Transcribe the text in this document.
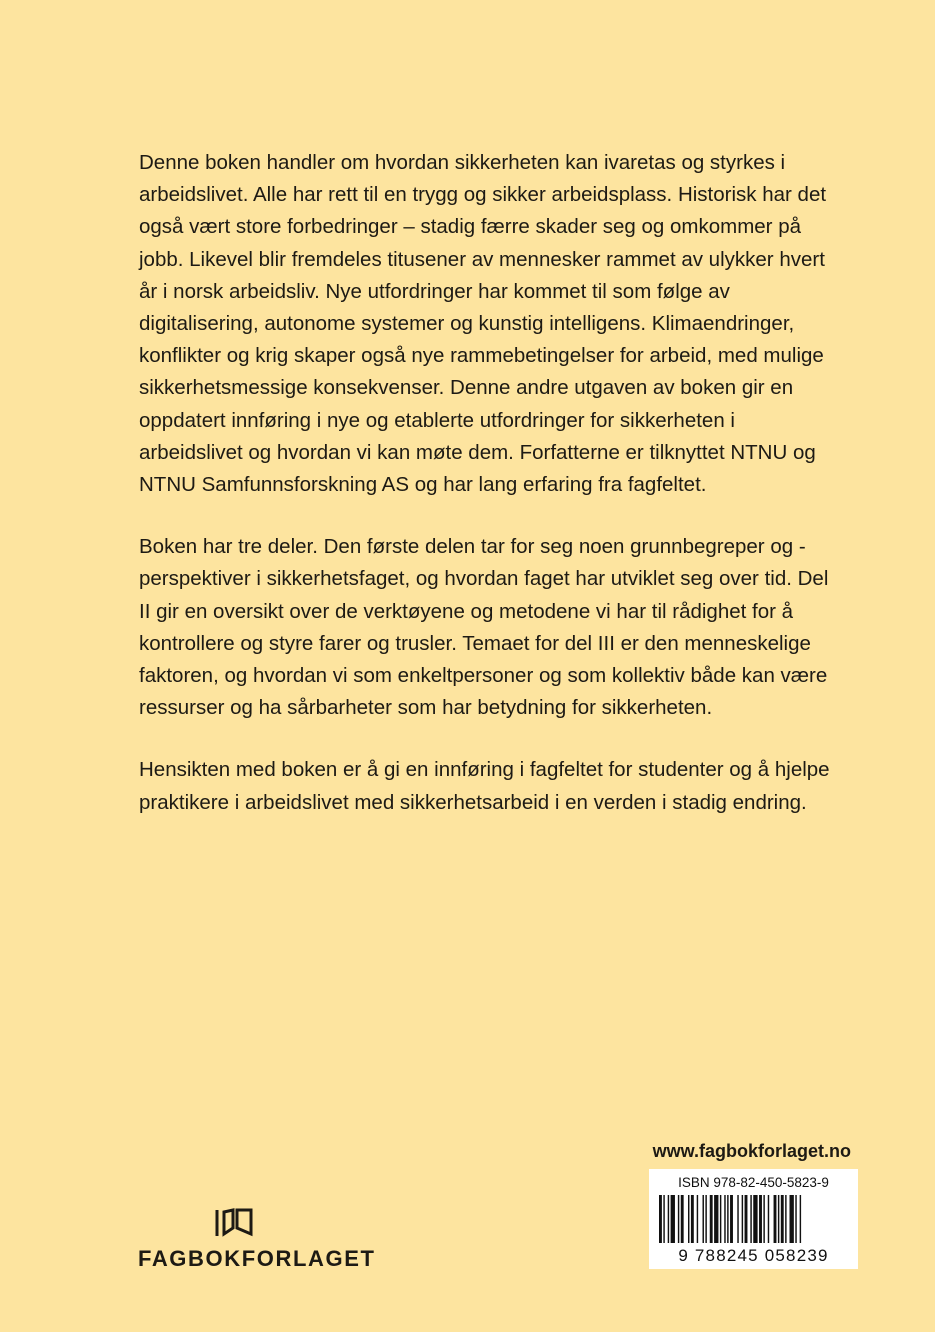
Denne boken handler om hvordan sikkerheten kan ivaretas og styrkes i arbeidslivet. Alle har rett til en trygg og sikker arbeidsplass. Historisk har det også vært store forbedringer – stadig færre skader seg og omkommer på jobb. Likevel blir fremdeles titusener av mennesker rammet av ulykker hvert år i norsk arbeidsliv. Nye utfordringer har kommet til som følge av digitalisering, autonome systemer og kunstig intelligens. Klimaendringer, konflikter og krig skaper også nye rammebetingelser for arbeid, med mulige sikkerhetsmessige konsekvenser. Denne andre utgaven av boken gir en oppdatert innføring i nye og etablerte utfordringer for sikkerheten i arbeidslivet og hvordan vi kan møte dem. Forfatterne er tilknyttet NTNU og NTNU Samfunnsforskning AS og har lang erfaring fra fagfeltet.

Boken har tre deler. Den første delen tar for seg noen grunnbegreper og -perspektiver i sikkerhetsfaget, og hvordan faget har utviklet seg over tid. Del II gir en oversikt over de verktøyene og metodene vi har til rådighet for å kontrollere og styre farer og trusler. Temaet for del III er den menneskelige faktoren, og hvordan vi som enkeltpersoner og som kollektiv både kan være ressurser og ha sårbarheter som har betydning for sikkerheten.

Hensikten med boken er å gi en innføring i fagfeltet for studenter og å hjelpe praktikere i arbeidslivet med sikkerhetsarbeid i en verden i stadig endring.

www.fagbokforlaget.no
ISBN 978-82-450-5823-9
9 788245 058239
FAGBOKFORLAGET
